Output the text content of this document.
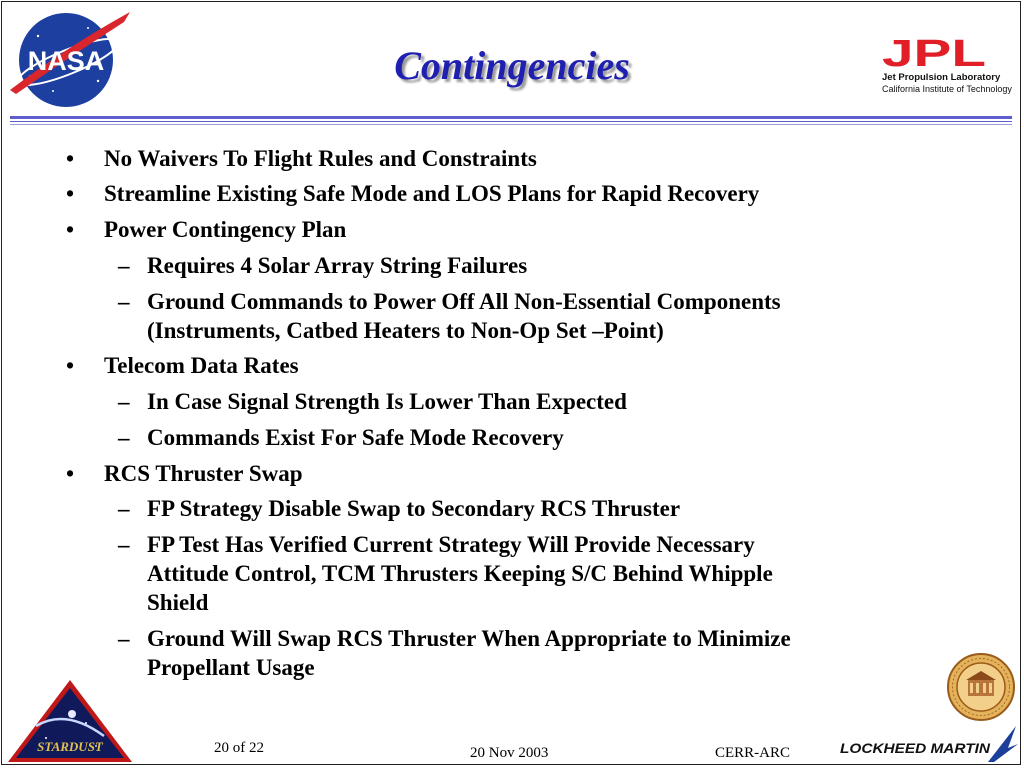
NASA	Contingencies	JPL
Jet Propulsion Laboratory
California Institute of Technology
• No Waivers To Flight Rules and Constraints
• Streamline Existing Safe Mode and LOS Plans for Rapid Recovery
• Power Contingency Plan
– Requires 4 Solar Array String Failures
– Ground Commands to Power Off All Non-Essential Components
(Instruments, Catbed Heaters to Non-Op Set –Point)
• Telecom Data Rates
– In Case Signal Strength Is Lower Than Expected
– Commands Exist For Safe Mode Recovery
• RCS Thruster Swap
– FP Strategy Disable Swap to Secondary RCS Thruster
– FP Test Has Verified Current Strategy Will Provide Necessary
Attitude Control, TCM Thrusters Keeping S/C Behind Whipple
Shield
– Ground Will Swap RCS Thruster When Appropriate to Minimize
Propellant Usage
STARDUST	LOCKHEED MARTIN
20 of 22	20 Nov 2003	CERR-ARC
